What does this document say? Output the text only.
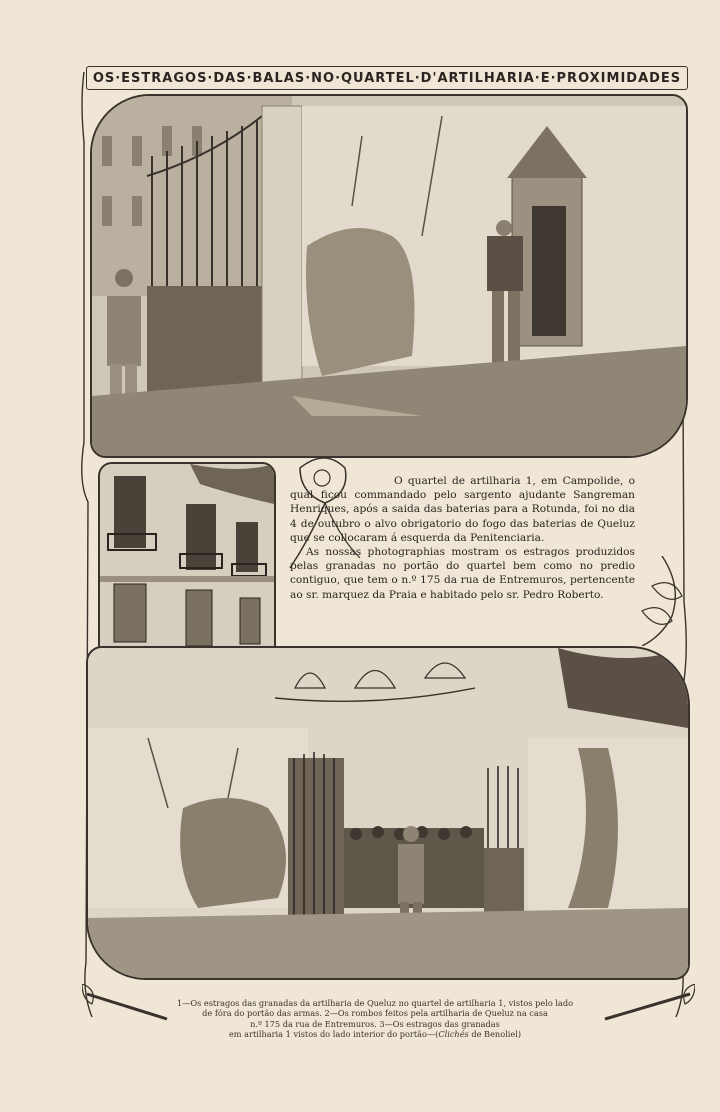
OS·ESTRAGOS·DAS·BALAS·NO·QUARTEL·D'ARTILHARIA·E·PROXIMIDADES

O quartel de artilharia 1, em Campolide, o qual ficou commandado pelo sargento ajudante Sangreman Henriques, após a saida das baterias para a Rotunda, foi no dia 4 de outubro o alvo obrigatorio do fogo das baterias de Queluz que se collocaram á esquerda da Penitenciaria.

As nossas photographias mostram os estragos produzidos pelas granadas no portão do quartel bem como no predio contiguo, que tem o n.º 175 da rua de Entremuros, pertencente ao sr. marquez da Praia e habitado pelo sr. Pedro Roberto.

1—Os estragos das granadas da artilharia de Queluz no quartel de artilharia 1, vistos pelo lado
de fóra do portão das armas. 2—Os rombos feitos pela artilharia de Queluz na casa
n.º 175 da rua de Entremuros. 3—Os estragos das granadas
em artilharia 1 vistos do lado interior do portão—(Clichés de Benoliel)
